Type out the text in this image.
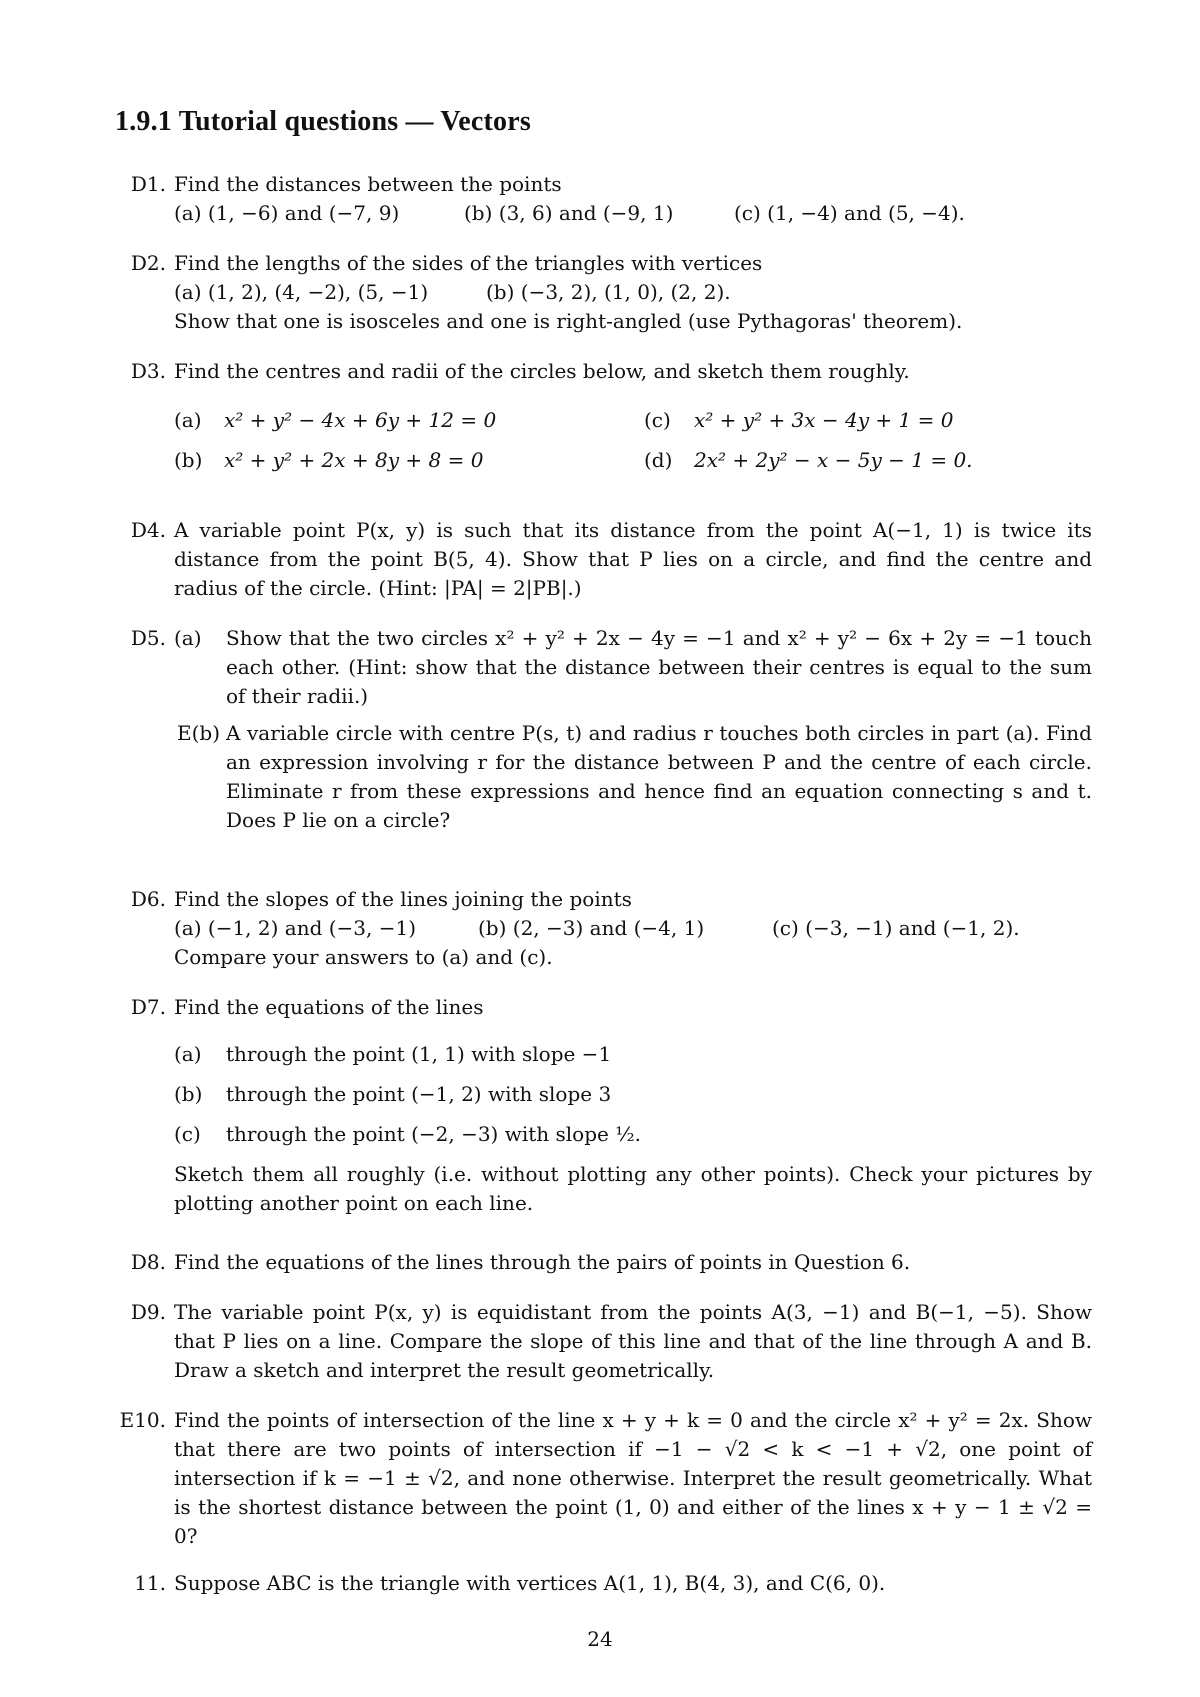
1.9.1 Tutorial questions — Vectors
D1. Find the distances between the points
(a) (1, −6) and (−7, 9)	(b) (3, 6) and (−9, 1)	(c) (1, −4) and (5, −4).
D2. Find the lengths of the sides of the triangles with vertices
(a) (1, 2), (4, −2), (5, −1)	(b) (−3, 2), (1, 0), (2, 2).
Show that one is isosceles and one is right-angled (use Pythagoras' theorem).
D3. Find the centres and radii of the circles below, and sketch them roughly.
(a) x² + y² − 4x + 6y + 12 = 0	(c) x² + y² + 3x − 4y + 1 = 0
(b) x² + y² + 2x + 8y + 8 = 0	(d) 2x² + 2y² − x − 5y − 1 = 0.
D4. A variable point P(x, y) is such that its distance from the point A(−1, 1) is twice its distance from the point B(5, 4). Show that P lies on a circle, and find the centre and radius of the circle. (Hint: |PA| = 2|PB|.)
D5. (a)	Show that the two circles x² + y² + 2x − 4y = −1 and x² + y² − 6x + 2y = −1 touch each other. (Hint: show that the distance between their centres is equal to the sum of their radii.)
E(b) A variable circle with centre P(s, t) and radius r touches both circles in part (a). Find an expression involving r for the distance between P and the centre of each circle. Eliminate r from these expressions and hence find an equation connecting s and t. Does P lie on a circle?
D6. Find the slopes of the lines joining the points
(a) (−1, 2) and (−3, −1)	(b) (2, −3) and (−4, 1)	(c) (−3, −1) and (−1, 2).
Compare your answers to (a) and (c).
D7. Find the equations of the lines
(a)	through the point (1, 1) with slope −1
(b)	through the point (−1, 2) with slope 3
(c)	through the point (−2, −3) with slope ½.
Sketch them all roughly (i.e. without plotting any other points). Check your pictures by plotting another point on each line.
D8. Find the equations of the lines through the pairs of points in Question 6.
D9. The variable point P(x, y) is equidistant from the points A(3, −1) and B(−1, −5). Show that P lies on a line. Compare the slope of this line and that of the line through A and B. Draw a sketch and interpret the result geometrically.
E10. Find the points of intersection of the line x + y + k = 0 and the circle x² + y² = 2x. Show that there are two points of intersection if −1 − √2 < k < −1 + √2, one point of intersection if k = −1 ± √2, and none otherwise. Interpret the result geometrically. What is the shortest distance between the point (1, 0) and either of the lines x + y − 1 ± √2 = 0?
11. Suppose ABC is the triangle with vertices A(1, 1), B(4, 3), and C(6, 0).
24
